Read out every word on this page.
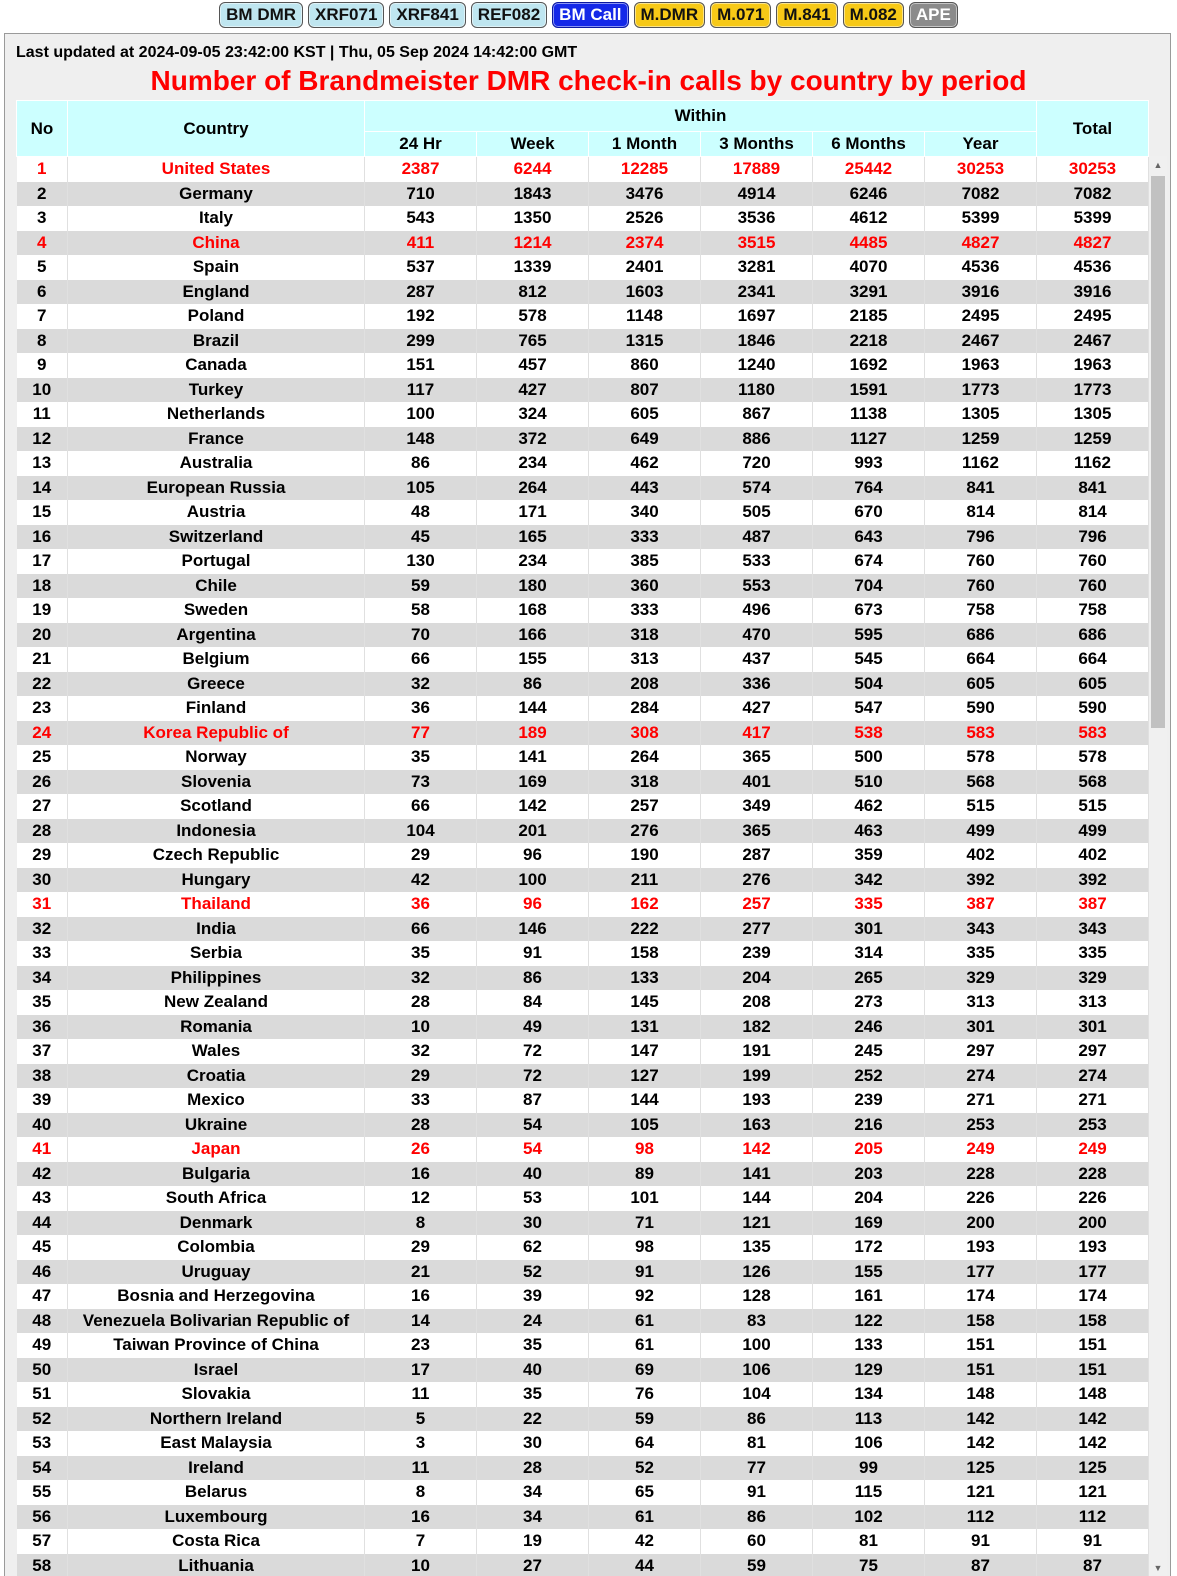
BM DMR	XRF071	XRF841	REF082	BM Call	M.DMR	M.071	M.841	M.082	APE
Last updated at 2024-09-05 23:42:00 KST | Thu, 05 Sep 2024 14:42:00 GMT
Number of Brandmeister DMR check-in calls by country by period
No	Country	Within						Total
		24 Hr	Week	1 Month	3 Months	6 Months	Year	
1	United States	2387	6244	12285	17889	25442	30253	30253
2	Germany	710	1843	3476	4914	6246	7082	7082
3	Italy	543	1350	2526	3536	4612	5399	5399
4	China	411	1214	2374	3515	4485	4827	4827
5	Spain	537	1339	2401	3281	4070	4536	4536
6	England	287	812	1603	2341	3291	3916	3916
7	Poland	192	578	1148	1697	2185	2495	2495
8	Brazil	299	765	1315	1846	2218	2467	2467
9	Canada	151	457	860	1240	1692	1963	1963
10	Turkey	117	427	807	1180	1591	1773	1773
11	Netherlands	100	324	605	867	1138	1305	1305
12	France	148	372	649	886	1127	1259	1259
13	Australia	86	234	462	720	993	1162	1162
14	European Russia	105	264	443	574	764	841	841
15	Austria	48	171	340	505	670	814	814
16	Switzerland	45	165	333	487	643	796	796
17	Portugal	130	234	385	533	674	760	760
18	Chile	59	180	360	553	704	760	760
19	Sweden	58	168	333	496	673	758	758
20	Argentina	70	166	318	470	595	686	686
21	Belgium	66	155	313	437	545	664	664
22	Greece	32	86	208	336	504	605	605
23	Finland	36	144	284	427	547	590	590
24	Korea Republic of	77	189	308	417	538	583	583
25	Norway	35	141	264	365	500	578	578
26	Slovenia	73	169	318	401	510	568	568
27	Scotland	66	142	257	349	462	515	515
28	Indonesia	104	201	276	365	463	499	499
29	Czech Republic	29	96	190	287	359	402	402
30	Hungary	42	100	211	276	342	392	392
31	Thailand	36	96	162	257	335	387	387
32	India	66	146	222	277	301	343	343
33	Serbia	35	91	158	239	314	335	335
34	Philippines	32	86	133	204	265	329	329
35	New Zealand	28	84	145	208	273	313	313
36	Romania	10	49	131	182	246	301	301
37	Wales	32	72	147	191	245	297	297
38	Croatia	29	72	127	199	252	274	274
39	Mexico	33	87	144	193	239	271	271
40	Ukraine	28	54	105	163	216	253	253
41	Japan	26	54	98	142	205	249	249
42	Bulgaria	16	40	89	141	203	228	228
43	South Africa	12	53	101	144	204	226	226
44	Denmark	8	30	71	121	169	200	200
45	Colombia	29	62	98	135	172	193	193
46	Uruguay	21	52	91	126	155	177	177
47	Bosnia and Herzegovina	16	39	92	128	161	174	174
48	Venezuela Bolivarian Republic of	14	24	61	83	122	158	158
49	Taiwan Province of China	23	35	61	100	133	151	151
50	Israel	17	40	69	106	129	151	151
51	Slovakia	11	35	76	104	134	148	148
52	Northern Ireland	5	22	59	86	113	142	142
53	East Malaysia	3	30	64	81	106	142	142
54	Ireland	11	28	52	77	99	125	125
55	Belarus	8	34	65	91	115	121	121
56	Luxembourg	16	34	61	86	102	112	112
57	Costa Rica	7	19	42	60	81	91	91
58	Lithuania	10	27	44	59	75	87	87
▲
▼
